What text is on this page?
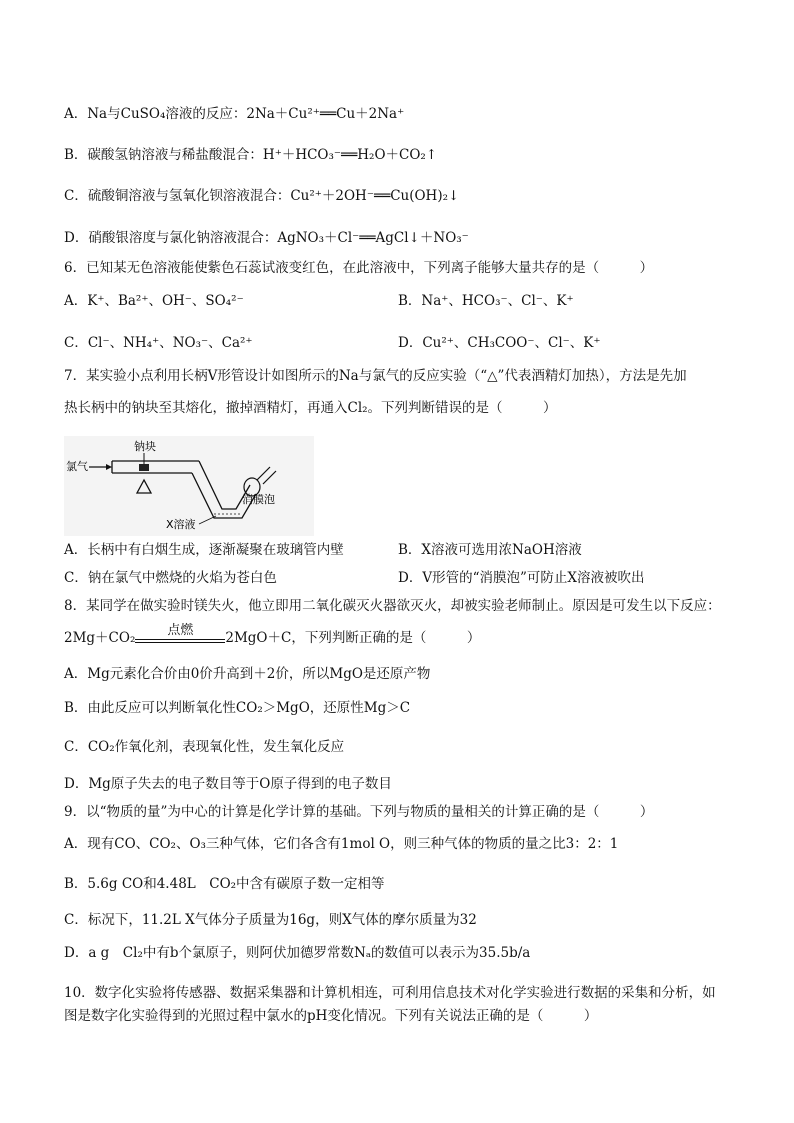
A．Na与CuSO₄溶液的反应：2Na＋Cu²⁺══Cu＋2Na⁺
B．碳酸氢钠溶液与稀盐酸混合：H⁺＋HCO₃⁻══H₂O＋CO₂↑
C．硫酸铜溶液与氢氧化钡溶液混合：Cu²⁺＋2OH⁻══Cu(OH)₂↓
D．硝酸银溶度与氯化钠溶液混合：AgNO₃＋Cl⁻══AgCl↓＋NO₃⁻
6．已知某无色溶液能使紫色石蕊试液变红色，在此溶液中，下列离子能够大量共存的是（　　　）
A．K⁺、Ba²⁺、OH⁻、SO₄²⁻	B．Na⁺、HCO₃⁻、Cl⁻、K⁺
C．Cl⁻、NH₄⁺、NO₃⁻、Ca²⁺	D．Cu²⁺、CH₃COO⁻、Cl⁻、K⁺
7．某实验小点利用长柄V形管设计如图所示的Na与氯气的反应实验（“△”代表酒精灯加热），方法是先加
热长柄中的钠块至其熔化，撤掉酒精灯，再通入Cl₂。下列判断错误的是（　　　）
氯气
钠块
消膜泡
X溶液
A．长柄中有白烟生成，逐渐凝聚在玻璃管内壁	B．X溶液可选用浓NaOH溶液
C．钠在氯气中燃烧的火焰为苍白色	D．V形管的“消膜泡”可防止X溶液被吹出
8．某同学在做实验时镁失火，他立即用二氧化碳灭火器欲灭火，却被实验老师制止。原因是可发生以下反应：
2Mg＋CO₂	点燃	2MgO＋C，下列判断正确的是（　　　）
A．Mg元素化合价由0价升高到＋2价，所以MgO是还原产物
B．由此反应可以判断氧化性CO₂＞MgO，还原性Mg＞C
C．CO₂作氧化剂，表现氧化性，发生氧化反应
D．Mg原子失去的电子数目等于O原子得到的电子数目
9．以“物质的量”为中心的计算是化学计算的基础。下列与物质的量相关的计算正确的是（　　　）
A．现有CO、CO₂、O₃三种气体，它们各含有1mol O，则三种气体的物质的量之比3：2：1
B．5.6g CO和4.48L　CO₂中含有碳原子数一定相等
C．标况下，11.2L X气体分子质量为16g，则X气体的摩尔质量为32
D．a g　Cl₂中有b个氯原子，则阿伏加德罗常数Nₐ的数值可以表示为35.5b/a
10．数字化实验将传感器、数据采集器和计算机相连，可利用信息技术对化学实验进行数据的采集和分析，如
图是数字化实验得到的光照过程中氯水的pH变化情况。下列有关说法正确的是（　　　）
